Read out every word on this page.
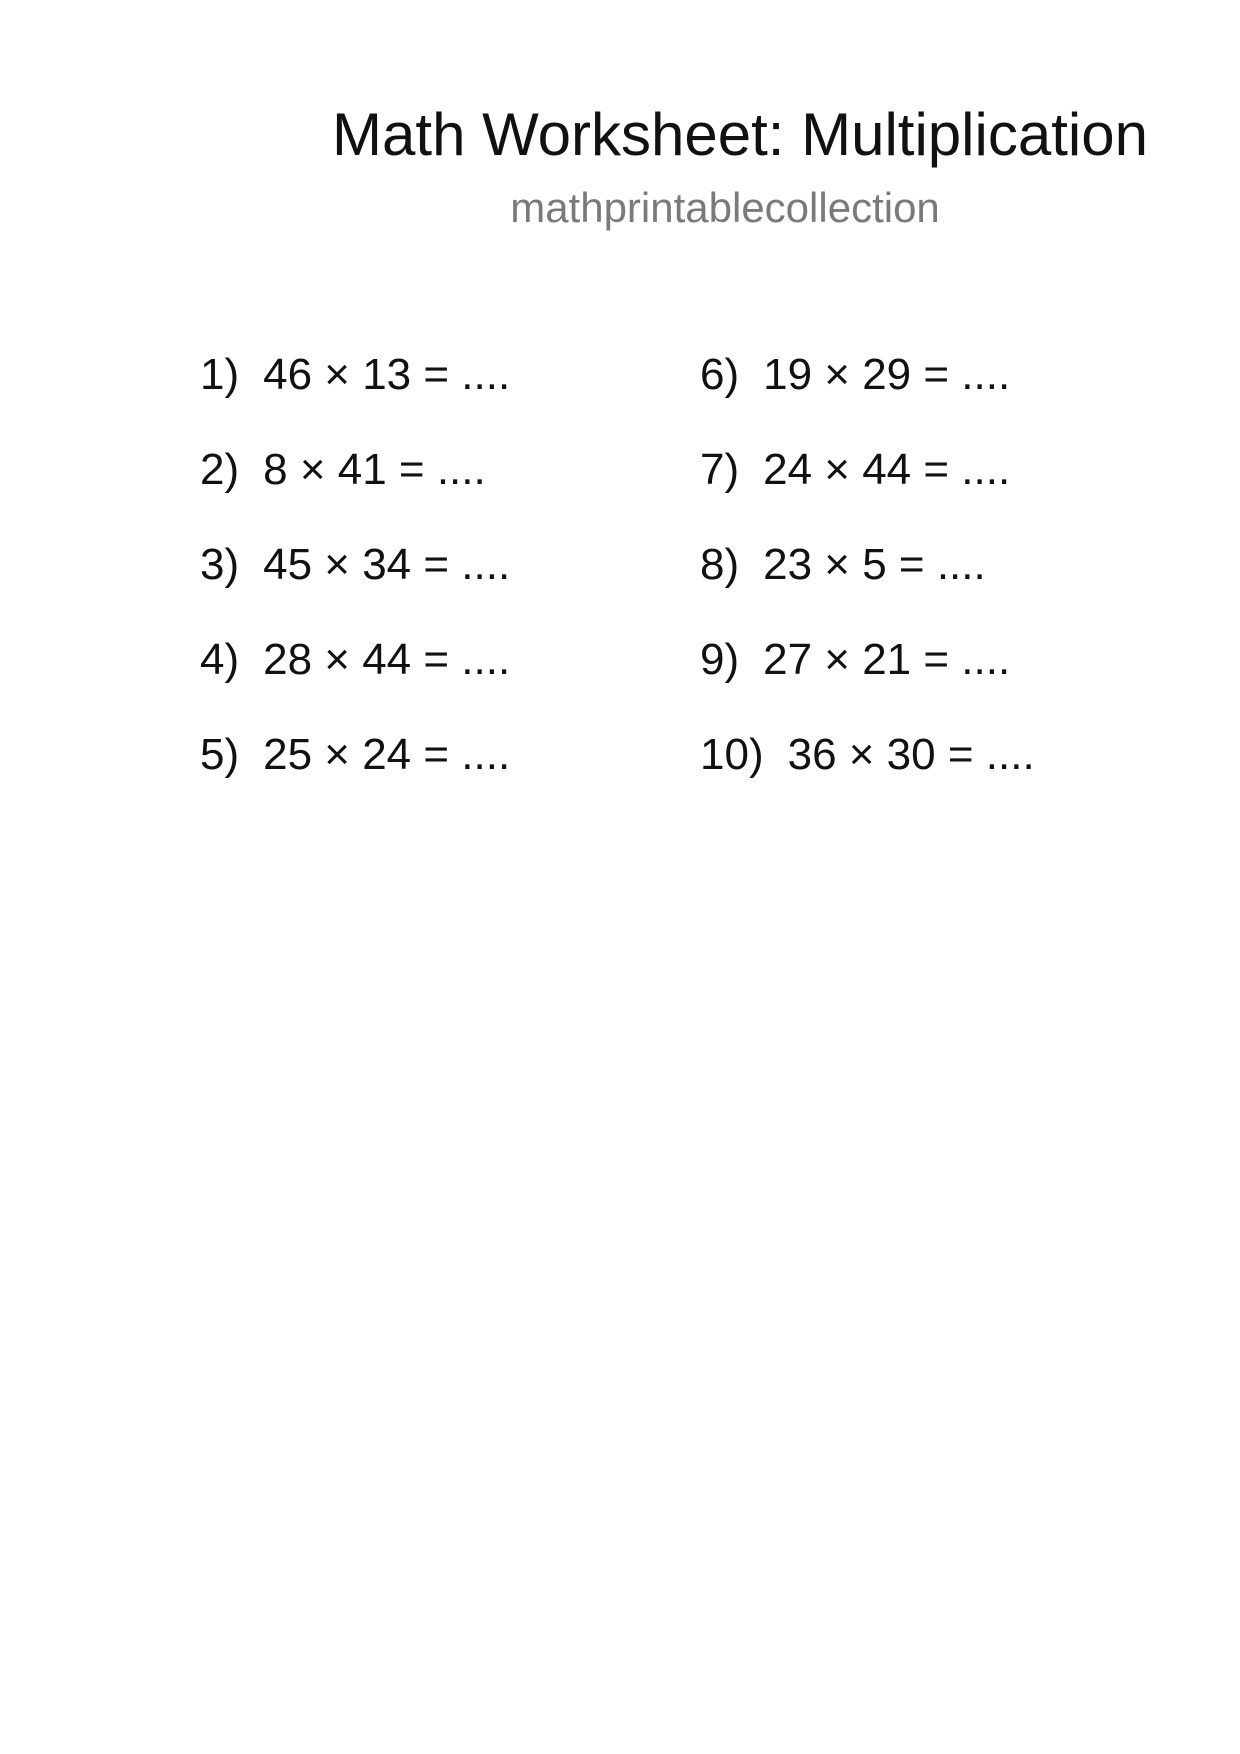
Math Worksheet: Multiplication
mathprintablecollection
1) 46 × 13 = ....
2) 8 × 41 = ....
3) 45 × 34 = ....
4) 28 × 44 = ....
5) 25 × 24 = ....
6) 19 × 29 = ....
7) 24 × 44 = ....
8) 23 × 5 = ....
9) 27 × 21 = ....
10) 36 × 30 = ....
